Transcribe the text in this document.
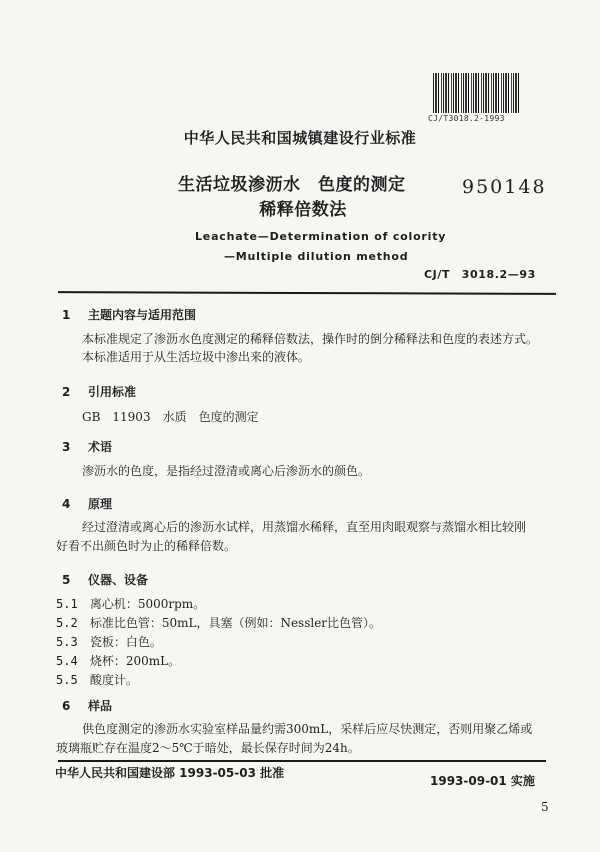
CJ/T3018.2-1993
中华人民共和国城镇建设行业标准
生活垃圾渗沥水　色度的测定
稀释倍数法
950148
Leachate—Determination of colority
—Multiple dilution method
CJ/T　3018.2—93
1 主题内容与适用范围
本标准规定了渗沥水色度测定的稀释倍数法，操作时的倒分稀释法和色度的表述方式。
本标准适用于从生活垃圾中渗出来的液体。
2 引用标准
GB　11903　水质　色度的测定
3 术语
渗沥水的色度，是指经过澄清或离心后渗沥水的颜色。
4 原理
经过澄清或离心后的渗沥水试样，用蒸馏水稀释，直至用肉眼观察与蒸馏水相比较刚
好看不出颜色时为止的稀释倍数。
5 仪器、设备
5.1 离心机：5000rpm。
5.2 标准比色管：50mL，具塞（例如：Nessler比色管）。
5.3 瓷板：白色。
5.4 烧杯：200mL。
5.5 酸度计。
6 样品
供色度测定的渗沥水实验室样品量约需300mL，采样后应尽快测定，否则用聚乙烯或
玻璃瓶贮存在温度2～5℃于暗处，最长保存时间为24h。
中华人民共和国建设部 1993-05-03 批准
1993-09-01 实施
5
